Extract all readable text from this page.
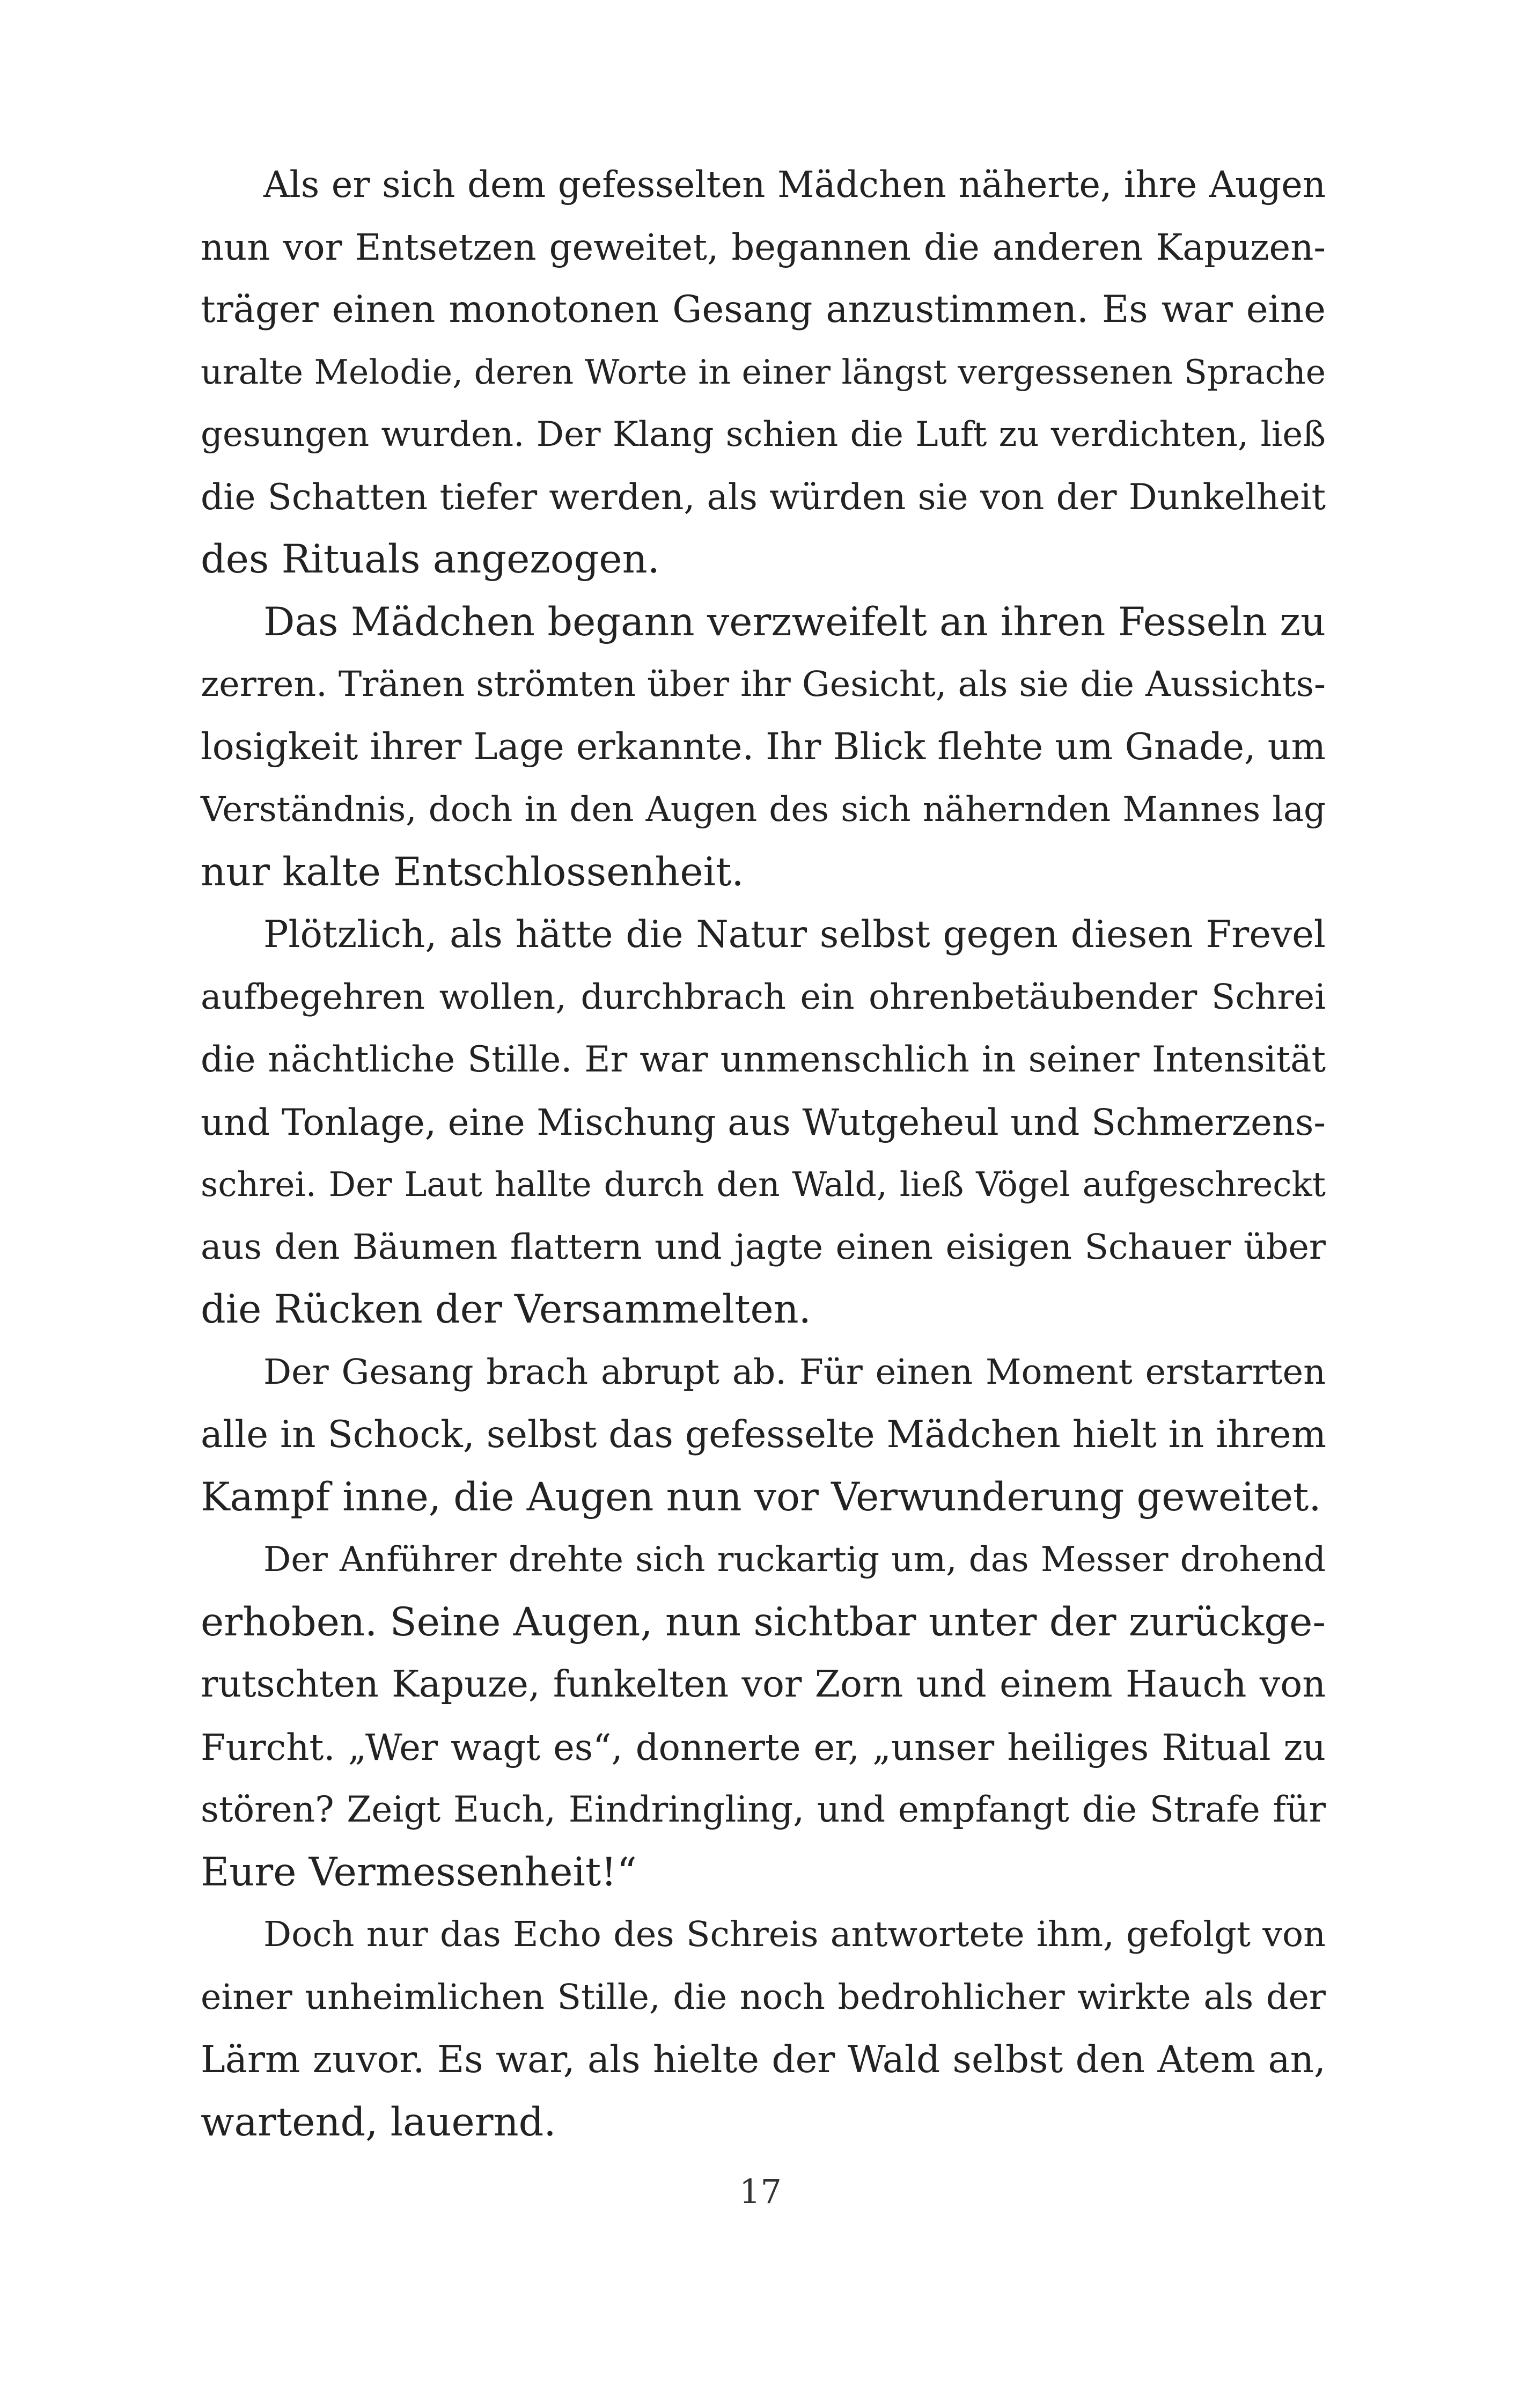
Als er sich dem gefesselten Mädchen näherte, ihre Augen
nun vor Entsetzen geweitet, begannen die anderen Kapuzen-
träger einen monotonen Gesang anzustimmen. Es war eine
uralte Melodie, deren Worte in einer längst vergessenen Sprache
gesungen wurden. Der Klang schien die Luft zu verdichten, ließ
die Schatten tiefer werden, als würden sie von der Dunkelheit
des Rituals angezogen.
Das Mädchen begann verzweifelt an ihren Fesseln zu
zerren. Tränen strömten über ihr Gesicht, als sie die Aussichts-
losigkeit ihrer Lage erkannte. Ihr Blick flehte um Gnade, um
Verständnis, doch in den Augen des sich nähernden Mannes lag
nur kalte Entschlossenheit.
Plötzlich, als hätte die Natur selbst gegen diesen Frevel
aufbegehren wollen, durchbrach ein ohrenbetäubender Schrei
die nächtliche Stille. Er war unmenschlich in seiner Intensität
und Tonlage, eine Mischung aus Wutgeheul und Schmerzens-
schrei. Der Laut hallte durch den Wald, ließ Vögel aufgeschreckt
aus den Bäumen flattern und jagte einen eisigen Schauer über
die Rücken der Versammelten.
Der Gesang brach abrupt ab. Für einen Moment erstarrten
alle in Schock, selbst das gefesselte Mädchen hielt in ihrem
Kampf inne, die Augen nun vor Verwunderung geweitet.
Der Anführer drehte sich ruckartig um, das Messer drohend
erhoben. Seine Augen, nun sichtbar unter der zurückge-
rutschten Kapuze, funkelten vor Zorn und einem Hauch von
Furcht. „Wer wagt es“, donnerte er, „unser heiliges Ritual zu
stören? Zeigt Euch, Eindringling, und empfangt die Strafe für
Eure Vermessenheit!“
Doch nur das Echo des Schreis antwortete ihm, gefolgt von
einer unheimlichen Stille, die noch bedrohlicher wirkte als der
Lärm zuvor. Es war, als hielte der Wald selbst den Atem an,
wartend, lauernd.
17
